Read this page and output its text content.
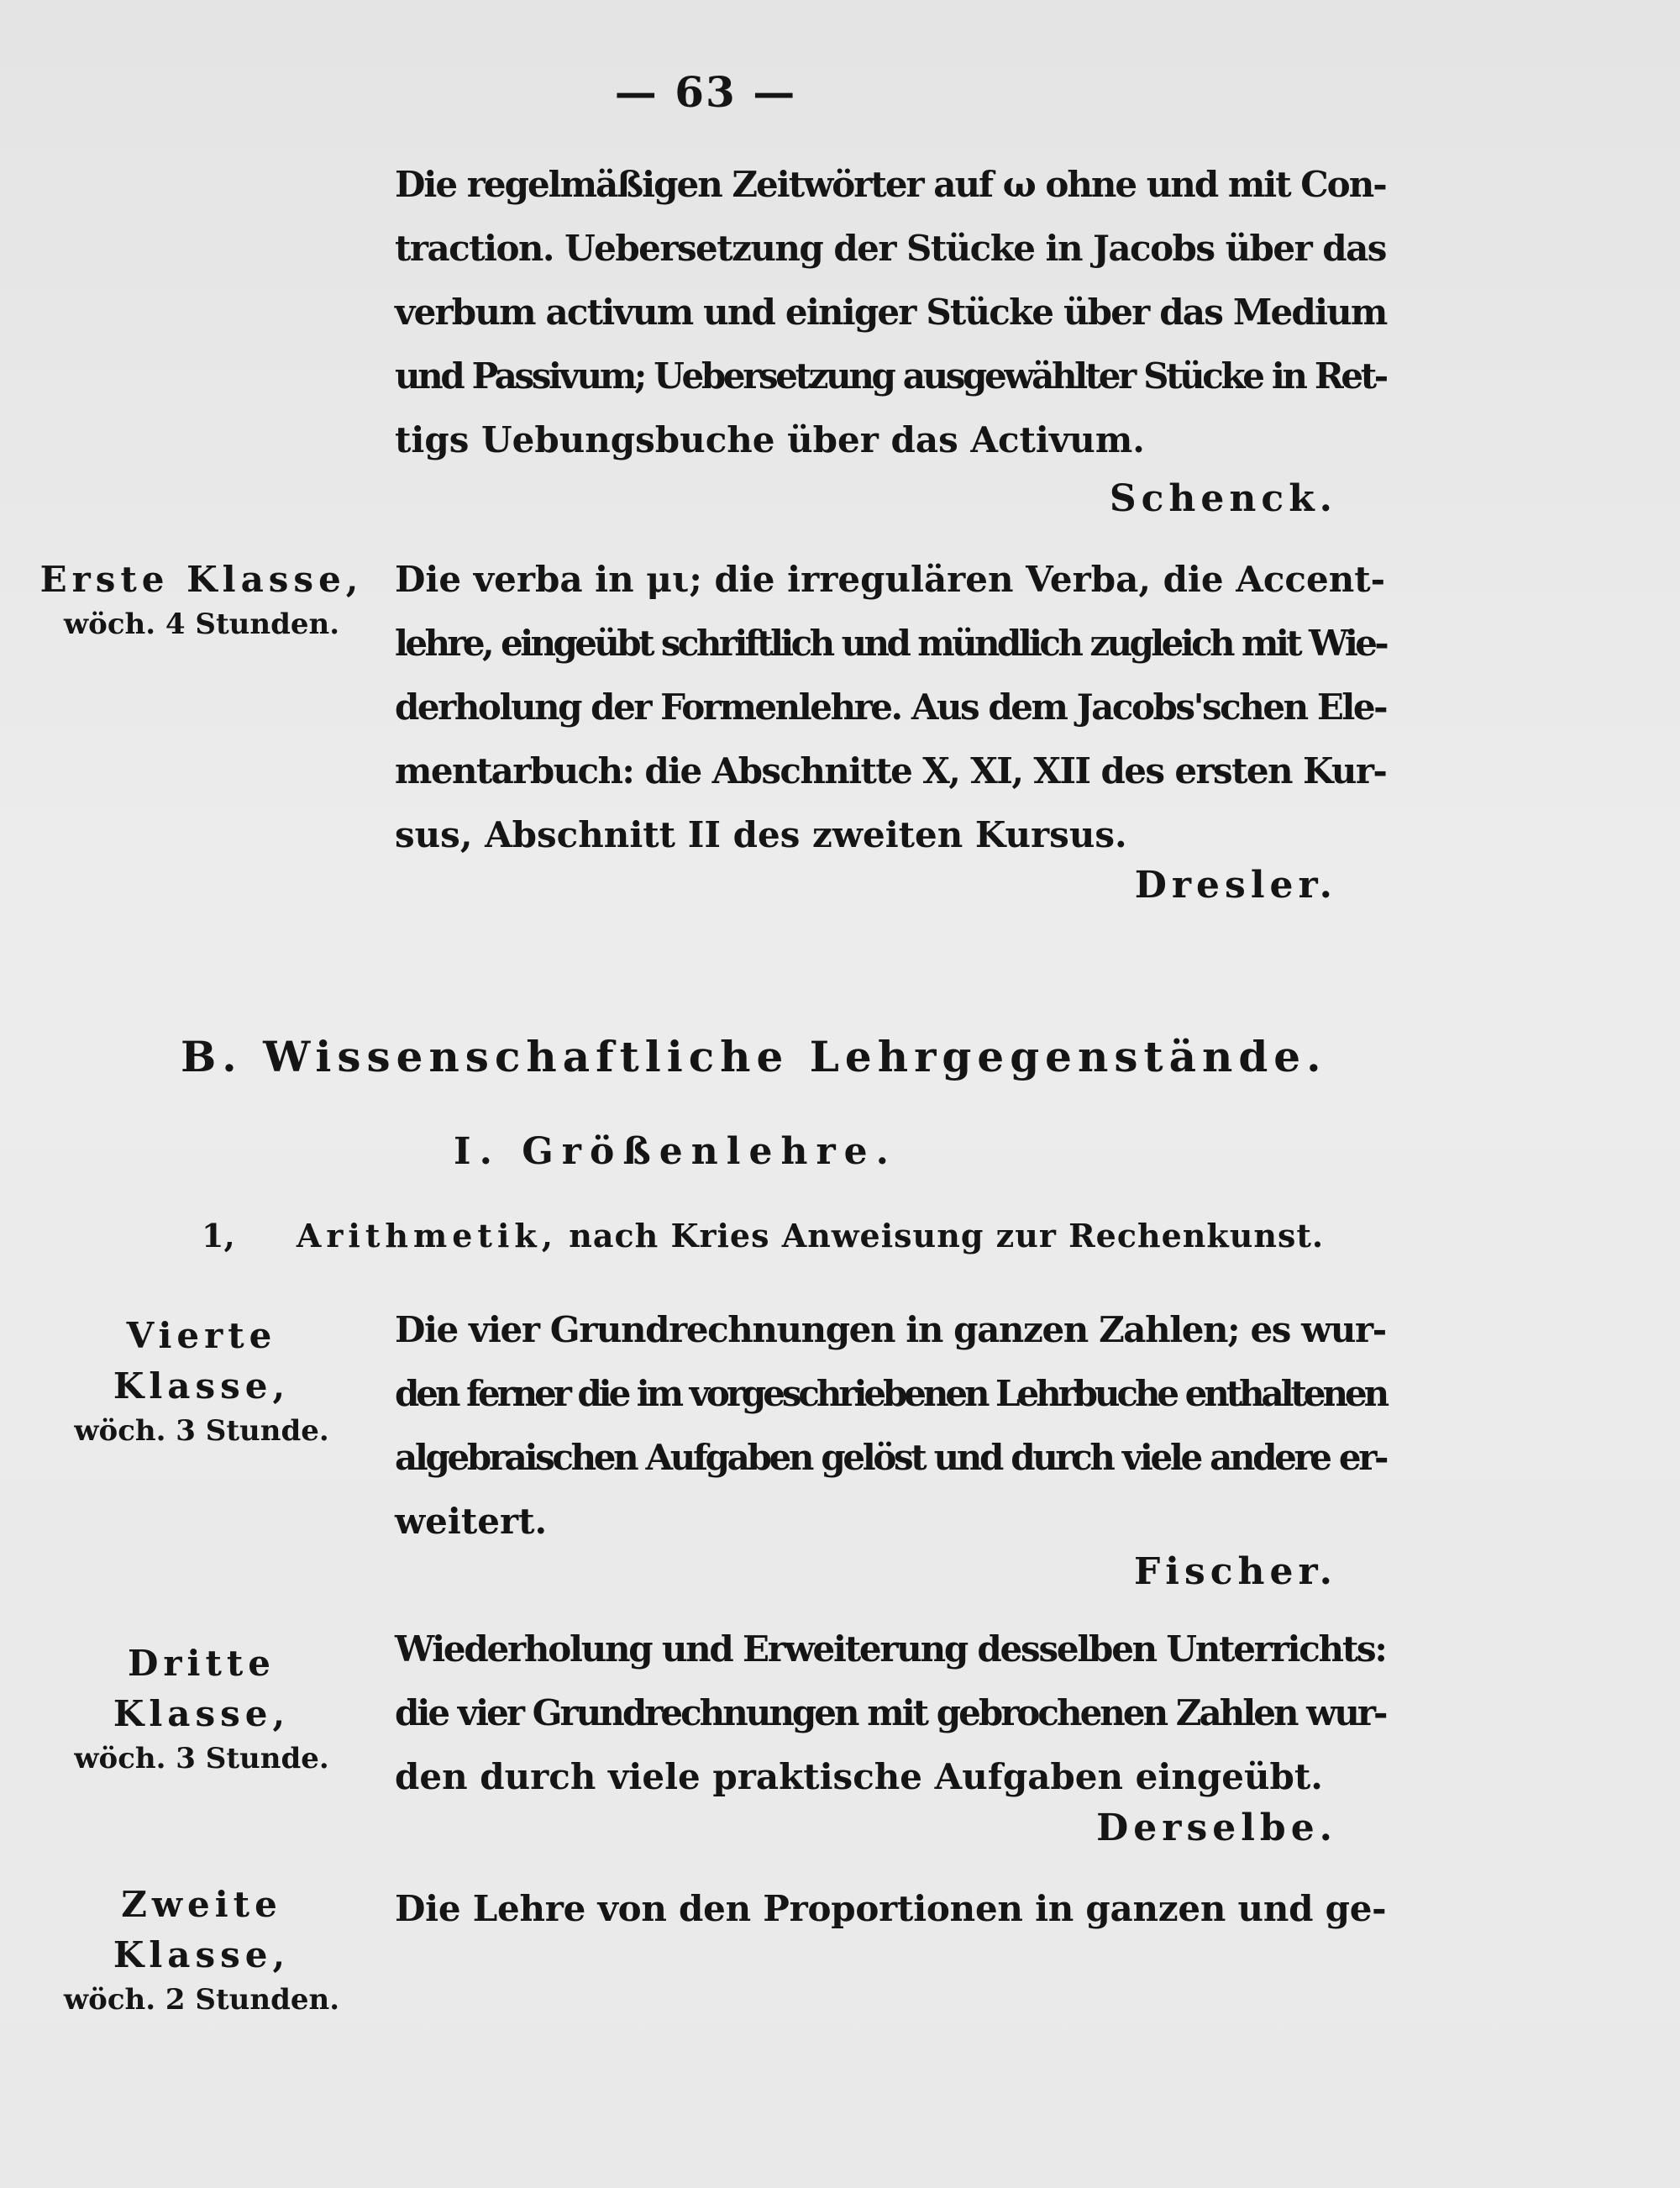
— 63 —
Die regelmäßigen Zeitwörter auf ω ohne und mit Con-
traction. Uebersetzung der Stücke in Jacobs über das
verbum activum und einiger Stücke über das Medium
und Passivum; Uebersetzung ausgewählter Stücke in Ret-
tigs Uebungsbuche über das Activum.
Schenck.
Erste Klasse,
wöch. 4 Stunden.
Die verba in μι; die irregulären Verba, die Accent-
lehre, eingeübt schriftlich und mündlich zugleich mit Wie-
derholung der Formenlehre. Aus dem Jacobs'schen Ele-
mentarbuch: die Abschnitte X, XI, XII des ersten Kur-
sus, Abschnitt II des zweiten Kursus.
Dresler.
B. Wissenschaftliche Lehrgegenstände.
I. Größenlehre.
1, Arithmetik, nach Kries Anweisung zur Rechenkunst.
Vierte Klasse,
wöch. 3 Stunde.
Die vier Grundrechnungen in ganzen Zahlen; es wur-
den ferner die im vorgeschriebenen Lehrbuche enthaltenen
algebraischen Aufgaben gelöst und durch viele andere er-
weitert.
Fischer.
Dritte Klasse,
wöch. 3 Stunde.
Wiederholung und Erweiterung desselben Unterrichts:
die vier Grundrechnungen mit gebrochenen Zahlen wur-
den durch viele praktische Aufgaben eingeübt.
Derselbe.
Zweite Klasse,
wöch. 2 Stunden.
Die Lehre von den Proportionen in ganzen und ge-
